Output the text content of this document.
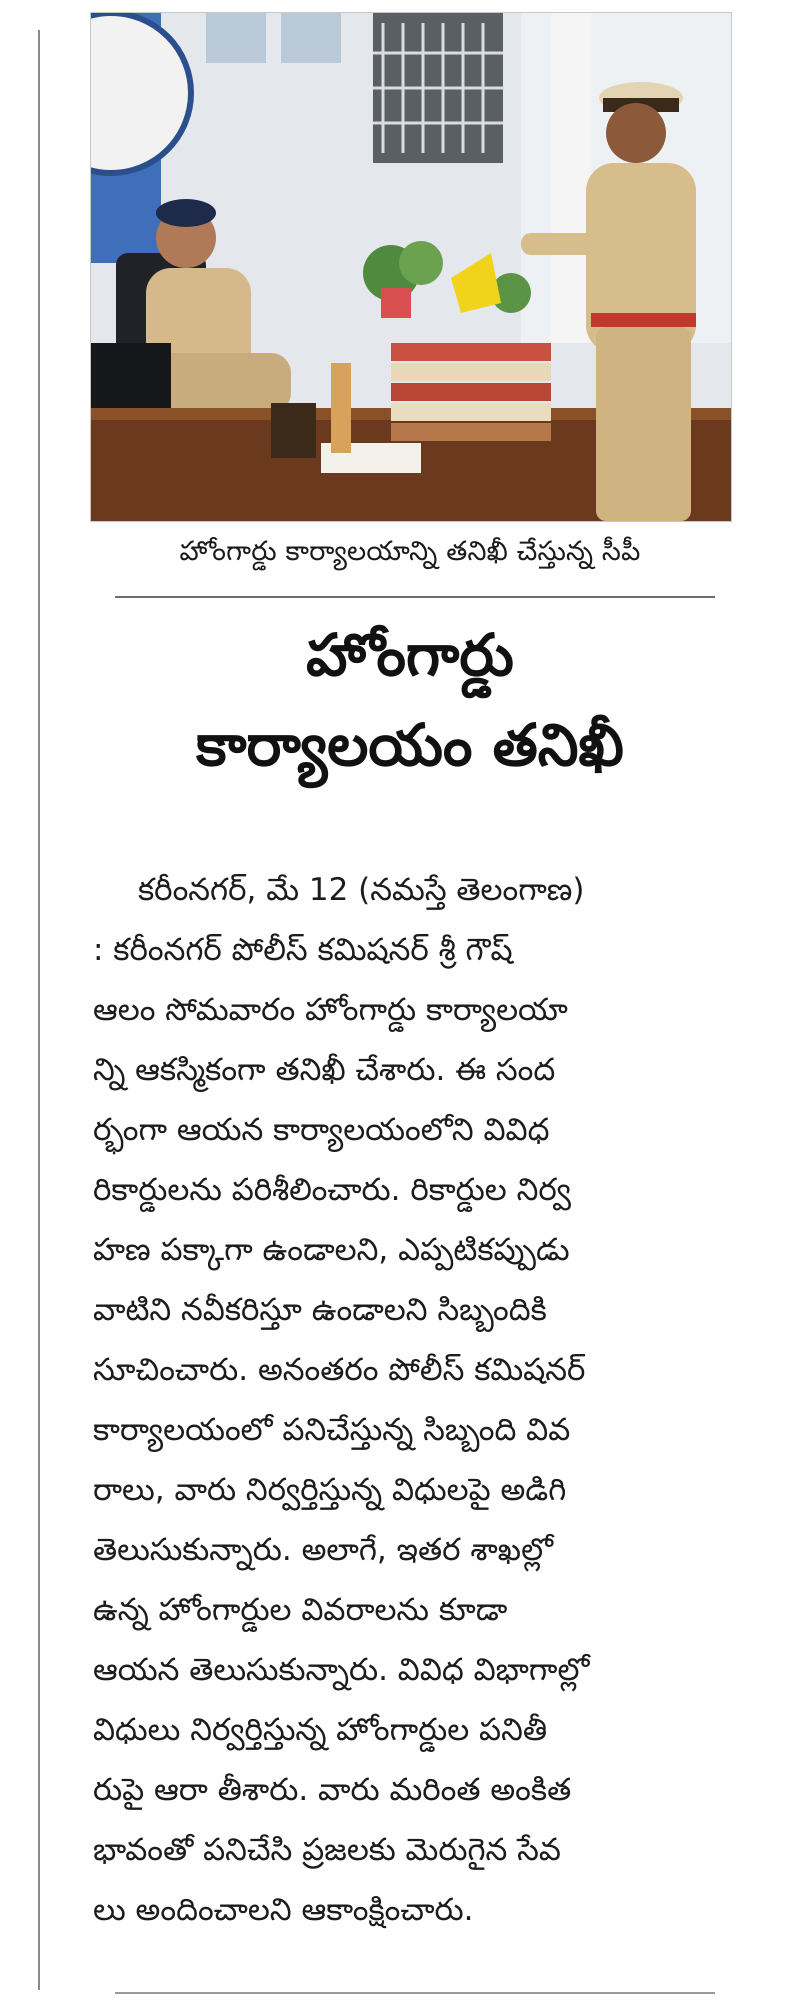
హోంగార్డు కార్యాలయాన్ని తనిఖీ చేస్తున్న సీపీ
హోంగార్డు
కార్యాలయం తనిఖీ
కరీంనగర్, మే 12 (నమస్తే తెలంగాణ)
: కరీంనగర్ పోలీస్ కమిషనర్ శ్రీ గౌష్
ఆలం సోమవారం హోంగార్డు కార్యాలయా
న్ని ఆకస్మికంగా తనిఖీ చేశారు. ఈ సంద
ర్భంగా ఆయన కార్యాలయంలోని వివిధ
రికార్డులను పరిశీలించారు. రికార్డుల నిర్వ
హణ పక్కాగా ఉండాలని, ఎప్పటికప్పుడు
వాటిని నవీకరిస్తూ ఉండాలని సిబ్బందికి
సూచించారు. అనంతరం పోలీస్ కమిషనర్
కార్యాలయంలో పనిచేస్తున్న సిబ్బంది వివ
రాలు, వారు నిర్వర్తిస్తున్న విధులపై అడిగి
తెలుసుకున్నారు. అలాగే, ఇతర శాఖల్లో
ఉన్న హోంగార్డుల వివరాలను కూడా
ఆయన తెలుసుకున్నారు. వివిధ విభాగాల్లో
విధులు నిర్వర్తిస్తున్న హోంగార్డుల పనితీ
రుపై ఆరా తీశారు. వారు మరింత అంకిత
భావంతో పనిచేసి ప్రజలకు మెరుగైన సేవ
లు అందించాలని ఆకాంక్షించారు.
